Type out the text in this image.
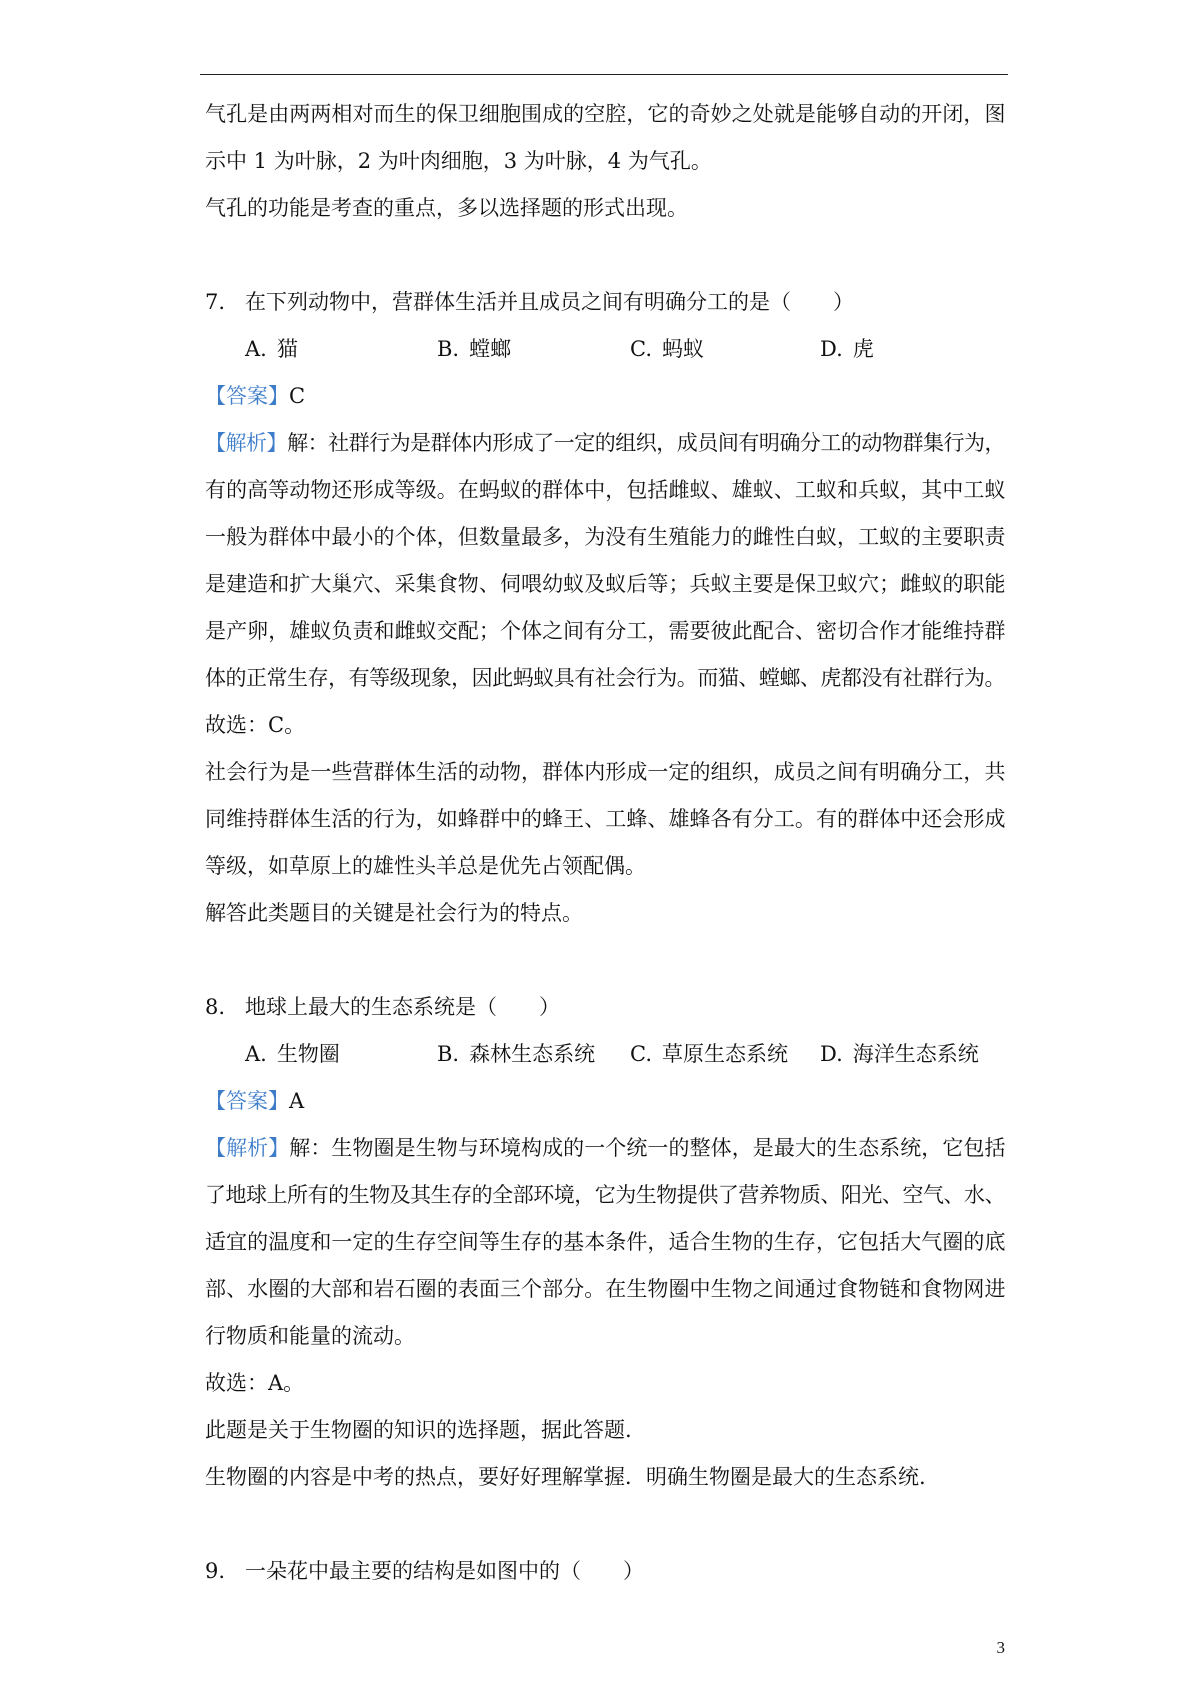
气孔是由两两相对而生的保卫细胞围成的空腔，它的奇妙之处就是能够自动的开闭，图
示中 1 为叶脉，2 为叶肉细胞，3 为叶脉，4 为气孔。
气孔的功能是考查的重点，多以选择题的形式出现。
7. 在下列动物中，营群体生活并且成员之间有明确分工的是（　　）
A. 猫	B. 螳螂	C. 蚂蚁	D. 虎
【答案】C
【解析】解：社群行为是群体内形成了一定的组织，成员间有明确分工的动物群集行为，
有的高等动物还形成等级。在蚂蚁的群体中，包括雌蚁、雄蚁、工蚁和兵蚁，其中工蚁
一般为群体中最小的个体，但数量最多，为没有生殖能力的雌性白蚁，工蚁的主要职责
是建造和扩大巢穴、采集食物、伺喂幼蚁及蚁后等；兵蚁主要是保卫蚁穴；雌蚁的职能
是产卵，雄蚁负责和雌蚁交配；个体之间有分工，需要彼此配合、密切合作才能维持群
体的正常生存，有等级现象，因此蚂蚁具有社会行为。而猫、螳螂、虎都没有社群行为。
故选：C。
社会行为是一些营群体生活的动物，群体内形成一定的组织，成员之间有明确分工，共
同维持群体生活的行为，如蜂群中的蜂王、工蜂、雄蜂各有分工。有的群体中还会形成
等级，如草原上的雄性头羊总是优先占领配偶。
解答此类题目的关键是社会行为的特点。
8. 地球上最大的生态系统是（　　）
A. 生物圈	B. 森林生态系统 C. 草原生态系统 D. 海洋生态系统
【答案】A
【解析】解：生物圈是生物与环境构成的一个统一的整体，是最大的生态系统，它包括
了地球上所有的生物及其生存的全部环境，它为生物提供了营养物质、阳光、空气、水、
适宜的温度和一定的生存空间等生存的基本条件，适合生物的生存，它包括大气圈的底
部、水圈的大部和岩石圈的表面三个部分。在生物圈中生物之间通过食物链和食物网进
行物质和能量的流动。
故选：A。
此题是关于生物圈的知识的选择题，据此答题.
生物圈的内容是中考的热点，要好好理解掌握．明确生物圈是最大的生态系统.
9. 一朵花中最主要的结构是如图中的（　　）
3
